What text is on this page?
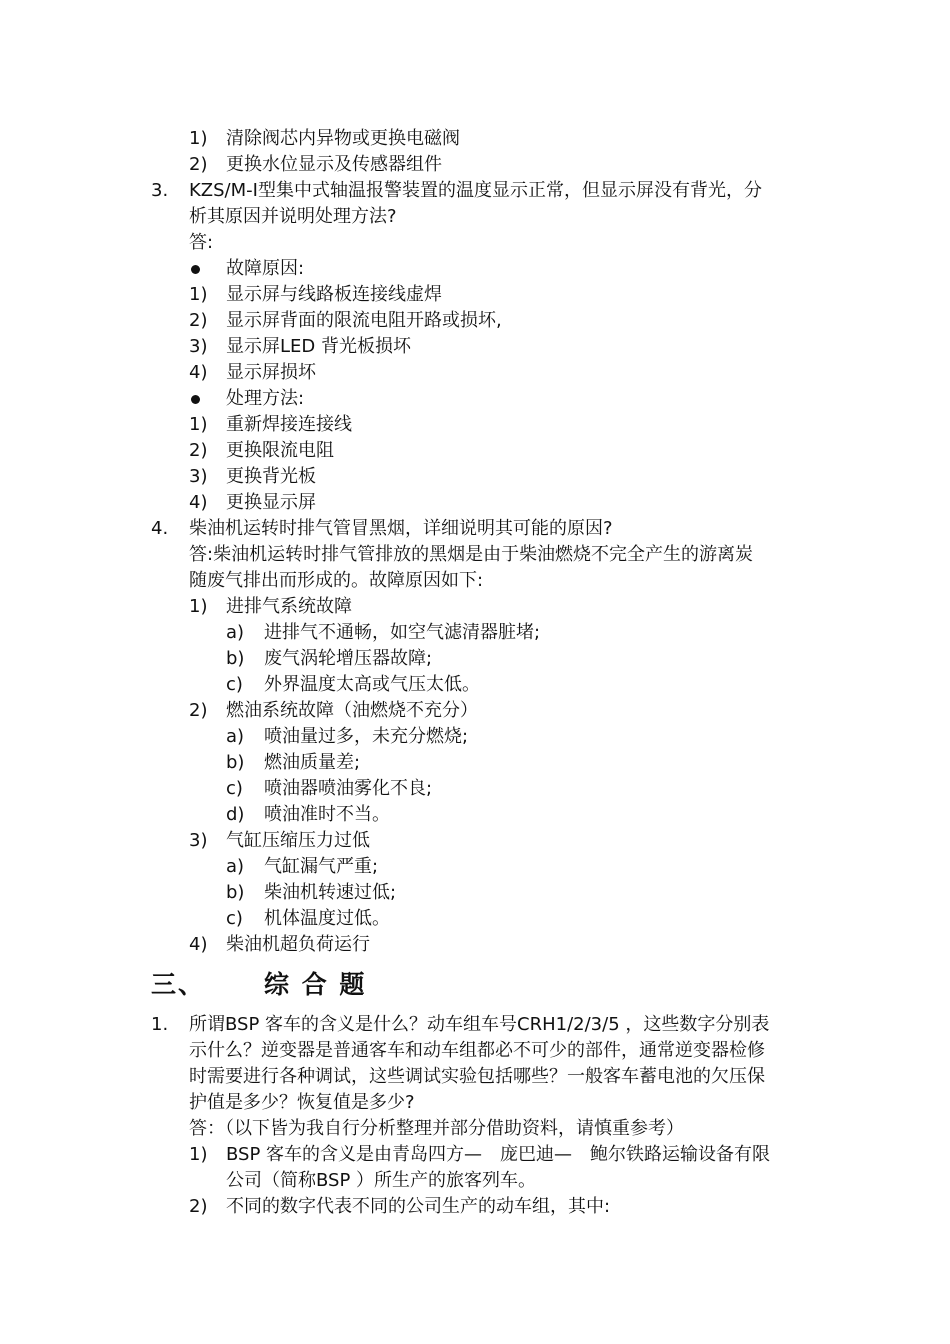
1) 清除阀芯内异物或更换电磁阀
2) 更换水位显示及传感器组件
3. KZS/M-I型集中式轴温报警装置的温度显示正常，但显示屏没有背光，分
析其原因并说明处理方法?
答:
故障原因:
1) 显示屏与线路板连接线虚焊
2) 显示屏背面的限流电阻开路或损坏,
3) 显示屏LED 背光板损坏
4) 显示屏损坏
处理方法:
1) 重新焊接连接线
2) 更换限流电阻
3) 更换背光板
4) 更换显示屏
4. 柴油机运转时排气管冒黑烟，详细说明其可能的原因?
答:柴油机运转时排气管排放的黑烟是由于柴油燃烧不完全产生的游离炭
随废气排出而形成的。故障原因如下:
1) 进排气系统故障
a) 进排气不通畅，如空气滤清器脏堵;
b) 废气涡轮增压器故障;
c) 外界温度太高或气压太低。
2) 燃油系统故障（油燃烧不充分）
a) 喷油量过多，未充分燃烧;
b) 燃油质量差;
c) 喷油器喷油雾化不良;
d) 喷油准时不当。
3) 气缸压缩压力过低
a) 气缸漏气严重;
b) 柴油机转速过低;
c) 机体温度过低。
4) 柴油机超负荷运行
三、 综 合 题
1. 所谓BSP 客车的含义是什么？动车组车号CRH1/2/3/5 ，这些数字分别表
示什么？逆变器是普通客车和动车组都必不可少的部件，通常逆变器检修
时需要进行各种调试，这些调试实验包括哪些？一般客车蓄电池的欠压保
护值是多少？恢复值是多少?
答：（以下皆为我自行分析整理并部分借助资料，请慎重参考）
1) BSP 客车的含义是由青岛四方—　庞巴迪—　鲍尔铁路运输设备有限
公司（简称BSP ）所生产的旅客列车。
2) 不同的数字代表不同的公司生产的动车组，其中:
